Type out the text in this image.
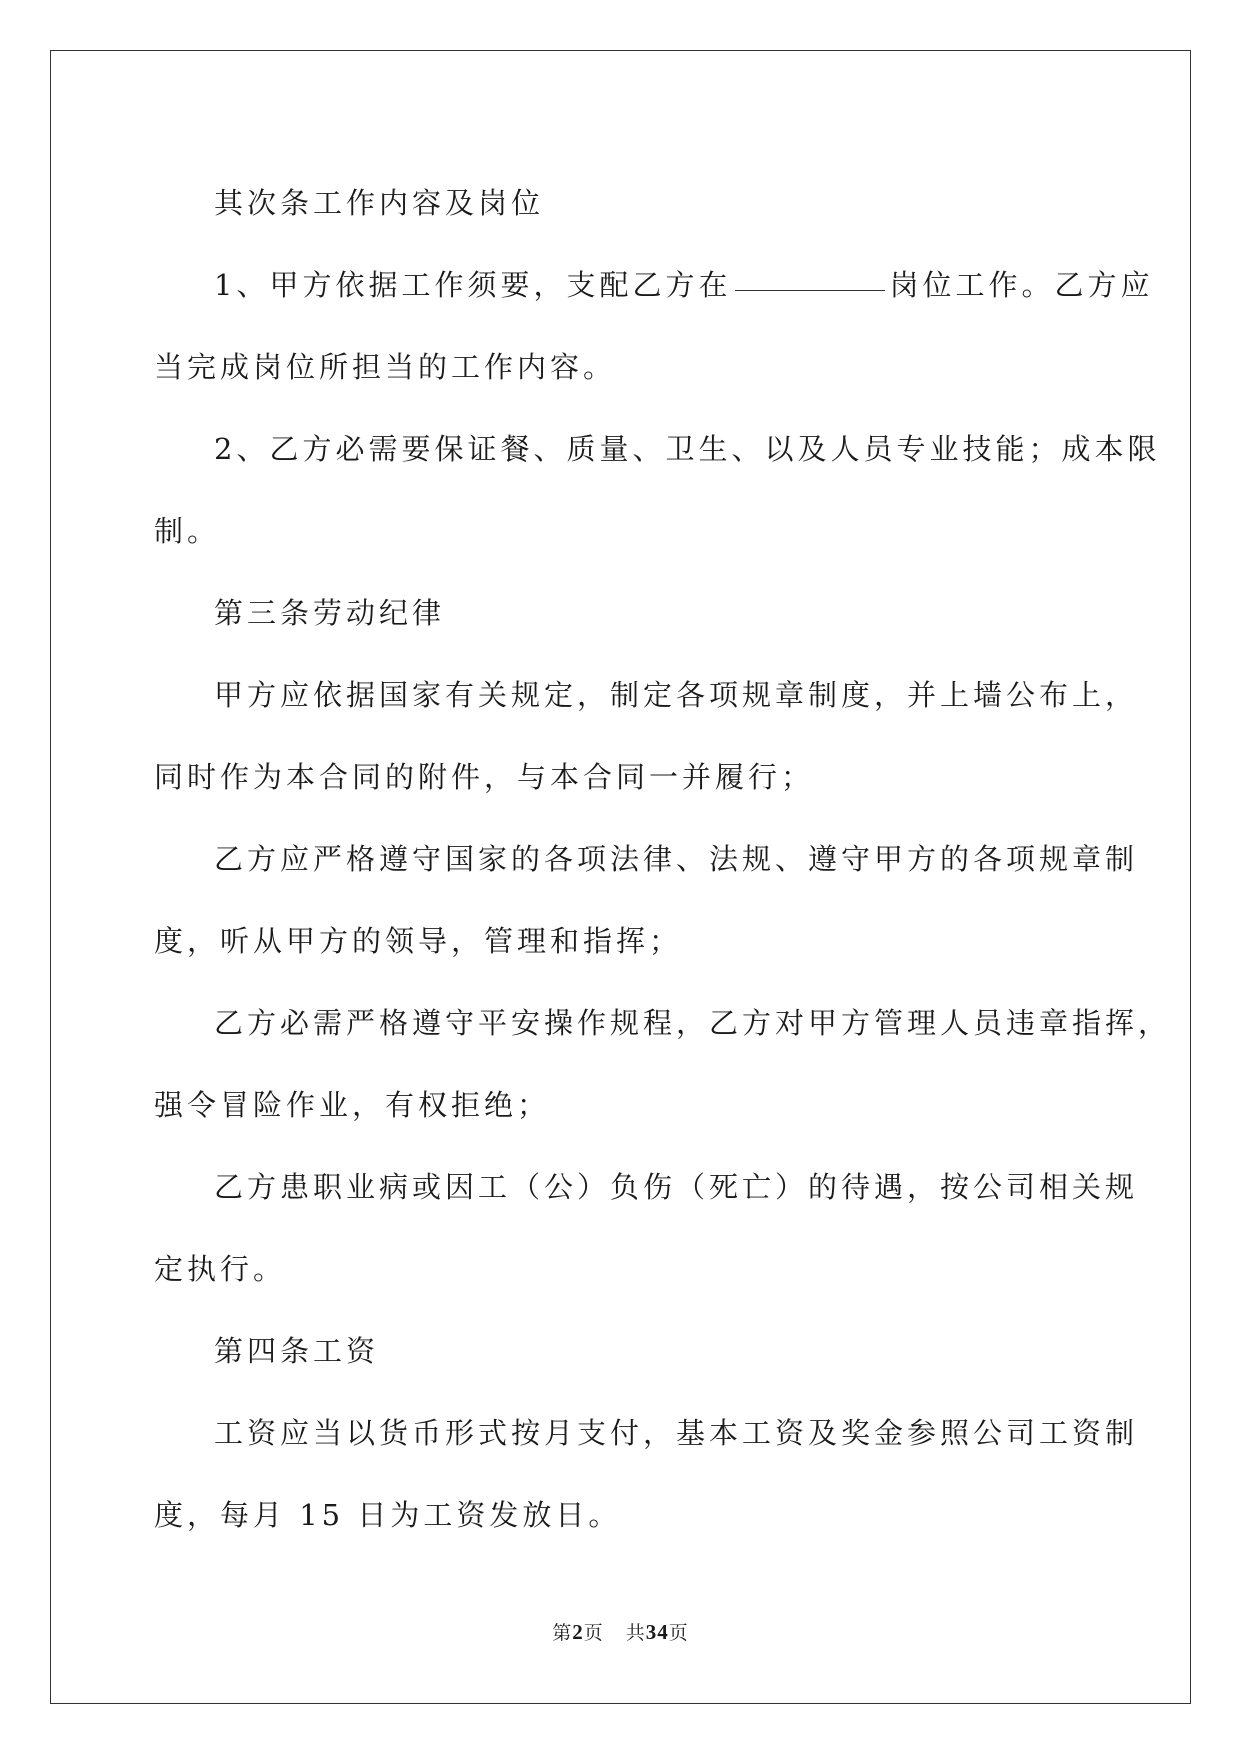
其次条工作内容及岗位

1、甲方依据工作须要，支配乙方在	岗位工作。乙方应

当完成岗位所担当的工作内容。

2、乙方必需要保证餐、质量、卫生、以及人员专业技能；成本限

制。

第三条劳动纪律

甲方应依据国家有关规定，制定各项规章制度，并上墙公布上，

同时作为本合同的附件，与本合同一并履行；

乙方应严格遵守国家的各项法律、法规、遵守甲方的各项规章制

度，听从甲方的领导，管理和指挥；

乙方必需严格遵守平安操作规程，乙方对甲方管理人员违章指挥，

强令冒险作业，有权拒绝；

乙方患职业病或因工（公）负伤（死亡）的待遇，按公司相关规

定执行。

第四条工资

工资应当以货币形式按月支付，基本工资及奖金参照公司工资制

度，每月 15 日为工资发放日。

第2页 共34页
